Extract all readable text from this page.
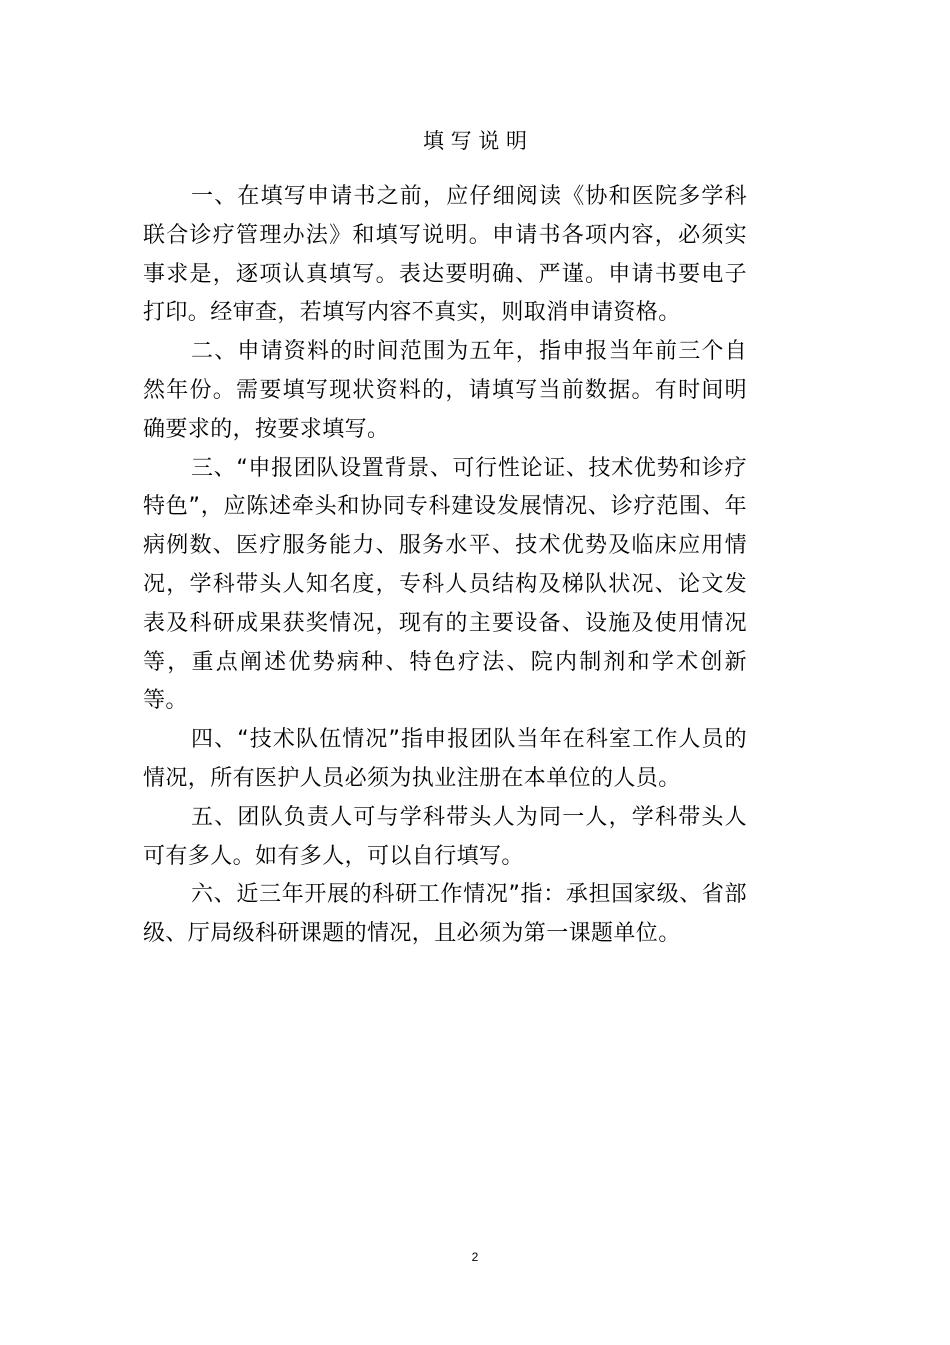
填 写 说 明

一、在填写申请书之前，应仔细阅读《协和医院多学科联合诊疗管理办法》和填写说明。申请书各项内容，必须实事求是，逐项认真填写。表达要明确、严谨。申请书要电子打印。经审查，若填写内容不真实，则取消申请资格。

二、申请资料的时间范围为五年，指申报当年前三个自然年份。需要填写现状资料的，请填写当前数据。有时间明确要求的，按要求填写。

三、“申报团队设置背景、可行性论证、技术优势和诊疗特色”，应陈述牵头和协同专科建设发展情况、诊疗范围、年病例数、医疗服务能力、服务水平、技术优势及临床应用情况，学科带头人知名度，专科人员结构及梯队状况、论文发表及科研成果获奖情况，现有的主要设备、设施及使用情况等，重点阐述优势病种、特色疗法、院内制剂和学术创新等。

四、“技术队伍情况”指申报团队当年在科室工作人员的情况，所有医护人员必须为执业注册在本单位的人员。

五、团队负责人可与学科带头人为同一人，学科带头人可有多人。如有多人，可以自行填写。

六、近三年开展的科研工作情况”指：承担国家级、省部级、厅局级科研课题的情况，且必须为第一课题单位。

2
